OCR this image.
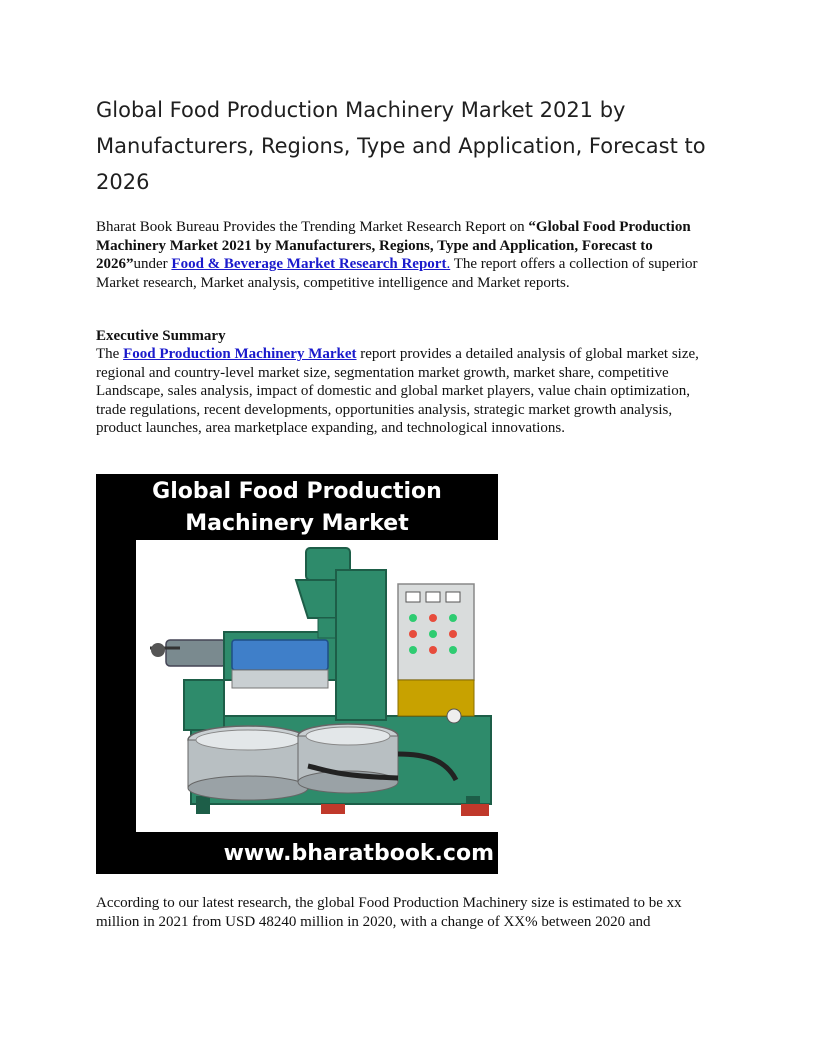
Global Food Production Machinery Market 2021 by Manufacturers, Regions, Type and Application, Forecast to 2026

Bharat Book Bureau Provides the Trending Market Research Report on “Global Food Production Machinery Market 2021 by Manufacturers, Regions, Type and Application, Forecast to 2026”under Food & Beverage Market Research Report. The report offers a collection of superior Market research, Market analysis, competitive intelligence and Market reports.

Executive Summary

The Food Production Machinery Market report provides a detailed analysis of global market size, regional and country-level market size, segmentation market growth, market share, competitive Landscape, sales analysis, impact of domestic and global market players, value chain optimization, trade regulations, recent developments, opportunities analysis, strategic market growth analysis, product launches, area marketplace expanding, and technological innovations.

Global Food Production
Machinery Market
www.bharatbook.com

According to our latest research, the global Food Production Machinery size is estimated to be xx million in 2021 from USD 48240 million in 2020, with a change of XX% between 2020 and
